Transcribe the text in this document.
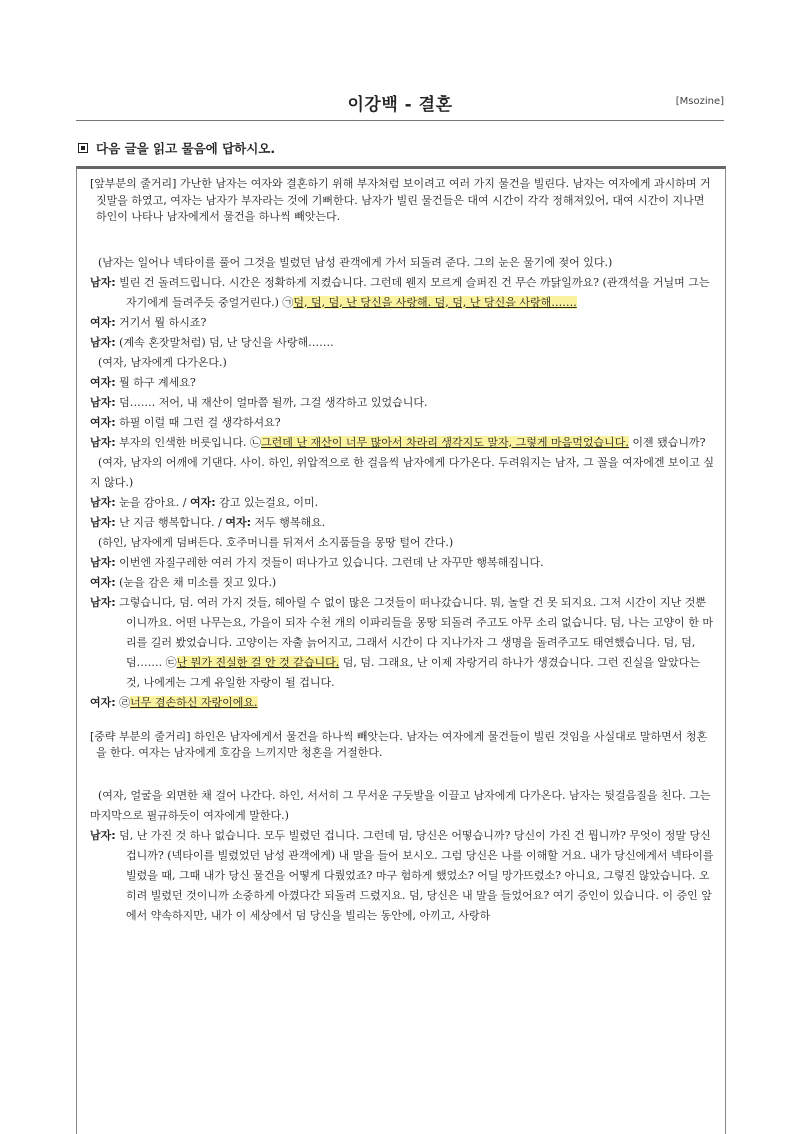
이강백 - 결혼	[Msozine]
다음 글을 읽고 물음에 답하시오.

[앞부분의 줄거리] 가난한 남자는 여자와 결혼하기 위해 부자처럼 보이려고 여러 가지 물건을 빌린다. 남자는 여자에게 과시하며 거짓말을 하였고, 여자는 남자가 부자라는 것에 기뻐한다. 남자가 빌린 물건들은 대여 시간이 각각 정해져있어, 대여 시간이 지나면 하인이 나타나 남자에게서 물건을 하나씩 빼앗는다.

(남자는 일어나 넥타이를 풀어 그것을 빌렸던 남성 관객에게 가서 되돌려 준다. 그의 눈은 물기에 젖어 있다.)

남자: 빌린 건 돌려드립니다. 시간은 정확하게 지켰습니다. 그런데 웬지 모르게 슬퍼진 건 무슨 까닭일까요? (관객석을 거닐며 그는자기에게 들려주듯 중얼거린다.) ㉠덤, 덤, 덤, 난 당신을 사랑해. 덤, 덤, 난 당신을 사랑해…….

여자: 거기서 뭘 하시죠?

남자: (계속 혼잣말처럼) 덤, 난 당신을 사랑해…….

(여자, 남자에게 다가온다.)

여자: 뭘 하구 계세요?

남자: 덤……. 저어, 내 재산이 얼마쯤 될까, 그걸 생각하고 있었습니다.

여자: 하필 이럴 때 그런 걸 생각하셔요?

남자: 부자의 인색한 버릇입니다. ㉡그런데 난 재산이 너무 많아서 차라리 생각지도 말자, 그렇게 마음먹었습니다. 이젠 됐습니까?

(여자, 남자의 어깨에 기댄다. 사이. 하인, 위압적으로 한 걸음씩 남자에게 다가온다. 두려워지는 남자, 그 꼴을 여자에겐 보이고 싶지 않다.)

남자: 눈을 감아요. / 여자: 감고 있는걸요, 이미.

남자: 난 지금 행복합니다. / 여자: 저두 행복해요.

(하인, 남자에게 덤벼든다. 호주머니를 뒤져서 소지품들을 몽땅 털어 간다.)

남자: 이번엔 자질구레한 여러 가지 것들이 떠나가고 있습니다. 그런데 난 자꾸만 행복해집니다.

여자: (눈을 감은 채 미소를 짓고 있다.)

남자: 그렇습니다, 덤. 여러 가지 것들, 헤아릴 수 없이 많은 그것들이 떠나갔습니다. 뭐, 놀랄 건 못 되지요. 그저 시간이 지난 것뿐이니까요. 어떤 나무는요, 가을이 되자 수천 개의 이파리들을 몽땅 되돌려 주고도 아무 소리 없습니다. 덤, 나는 고양이 한 마리를 길러 봤었습니다. 고양이는 자출 늙어지고, 그래서 시간이 다 지나가자 그 생명을 돌려주고도 태연했습니다. 덤, 덤, 덤……. ㉢난 뭔가 진실한 걸 안 것 같습니다. 덤, 덤. 그래요, 난 이제 자랑거리 하나가 생겼습니다. 그런 진실을 알았다는 것, 나에게는 그게 유일한 자랑이 될 겁니다.

여자: ㉣너무 겸손하신 자랑이에요.

[중략 부분의 줄거리] 하인은 남자에게서 물건을 하나씩 빼앗는다. 남자는 여자에게 물건들이 빌린 것임을 사실대로 말하면서 청혼을 한다. 여자는 남자에게 호감을 느끼지만 청혼을 거절한다.

(여자, 얼굴을 외면한 채 걸어 나간다. 하인, 서서히 그 무서운 구둣발을 이끌고 남자에게 다가온다. 남자는 뒷걸음질을 친다. 그는 마지막으로 필규하듯이 여자에게 말한다.)

남자: 덤, 난 가진 것 하나 없습니다. 모두 빌렸던 겁니다. 그런데 덤, 당신은 어떻습니까? 당신이 가진 건 뭡니까? 무엇이 정말 당신 겁니까? (넥타이를 빌렸었던 남성 관객에게) 내 말을 들어 보시오. 그럼 당신은 나를 이해할 거요. 내가 당신에게서 넥타이를 빌렸을 때, 그때 내가 당신 물건을 어떻게 다뤘었죠? 마구 험하게 했었소? 어딜 망가뜨렸소? 아니요, 그렇진 않았습니다. 오히려 빌렸던 것이니까 소중하게 아꼈다간 되돌려 드렸지요. 덤, 당신은 내 말을 들었어요? 여기 증인이 있습니다. 이 증인 앞에서 약속하지만, 내가 이 세상에서 덤 당신을 빌리는 동안에, 아끼고, 사랑하
